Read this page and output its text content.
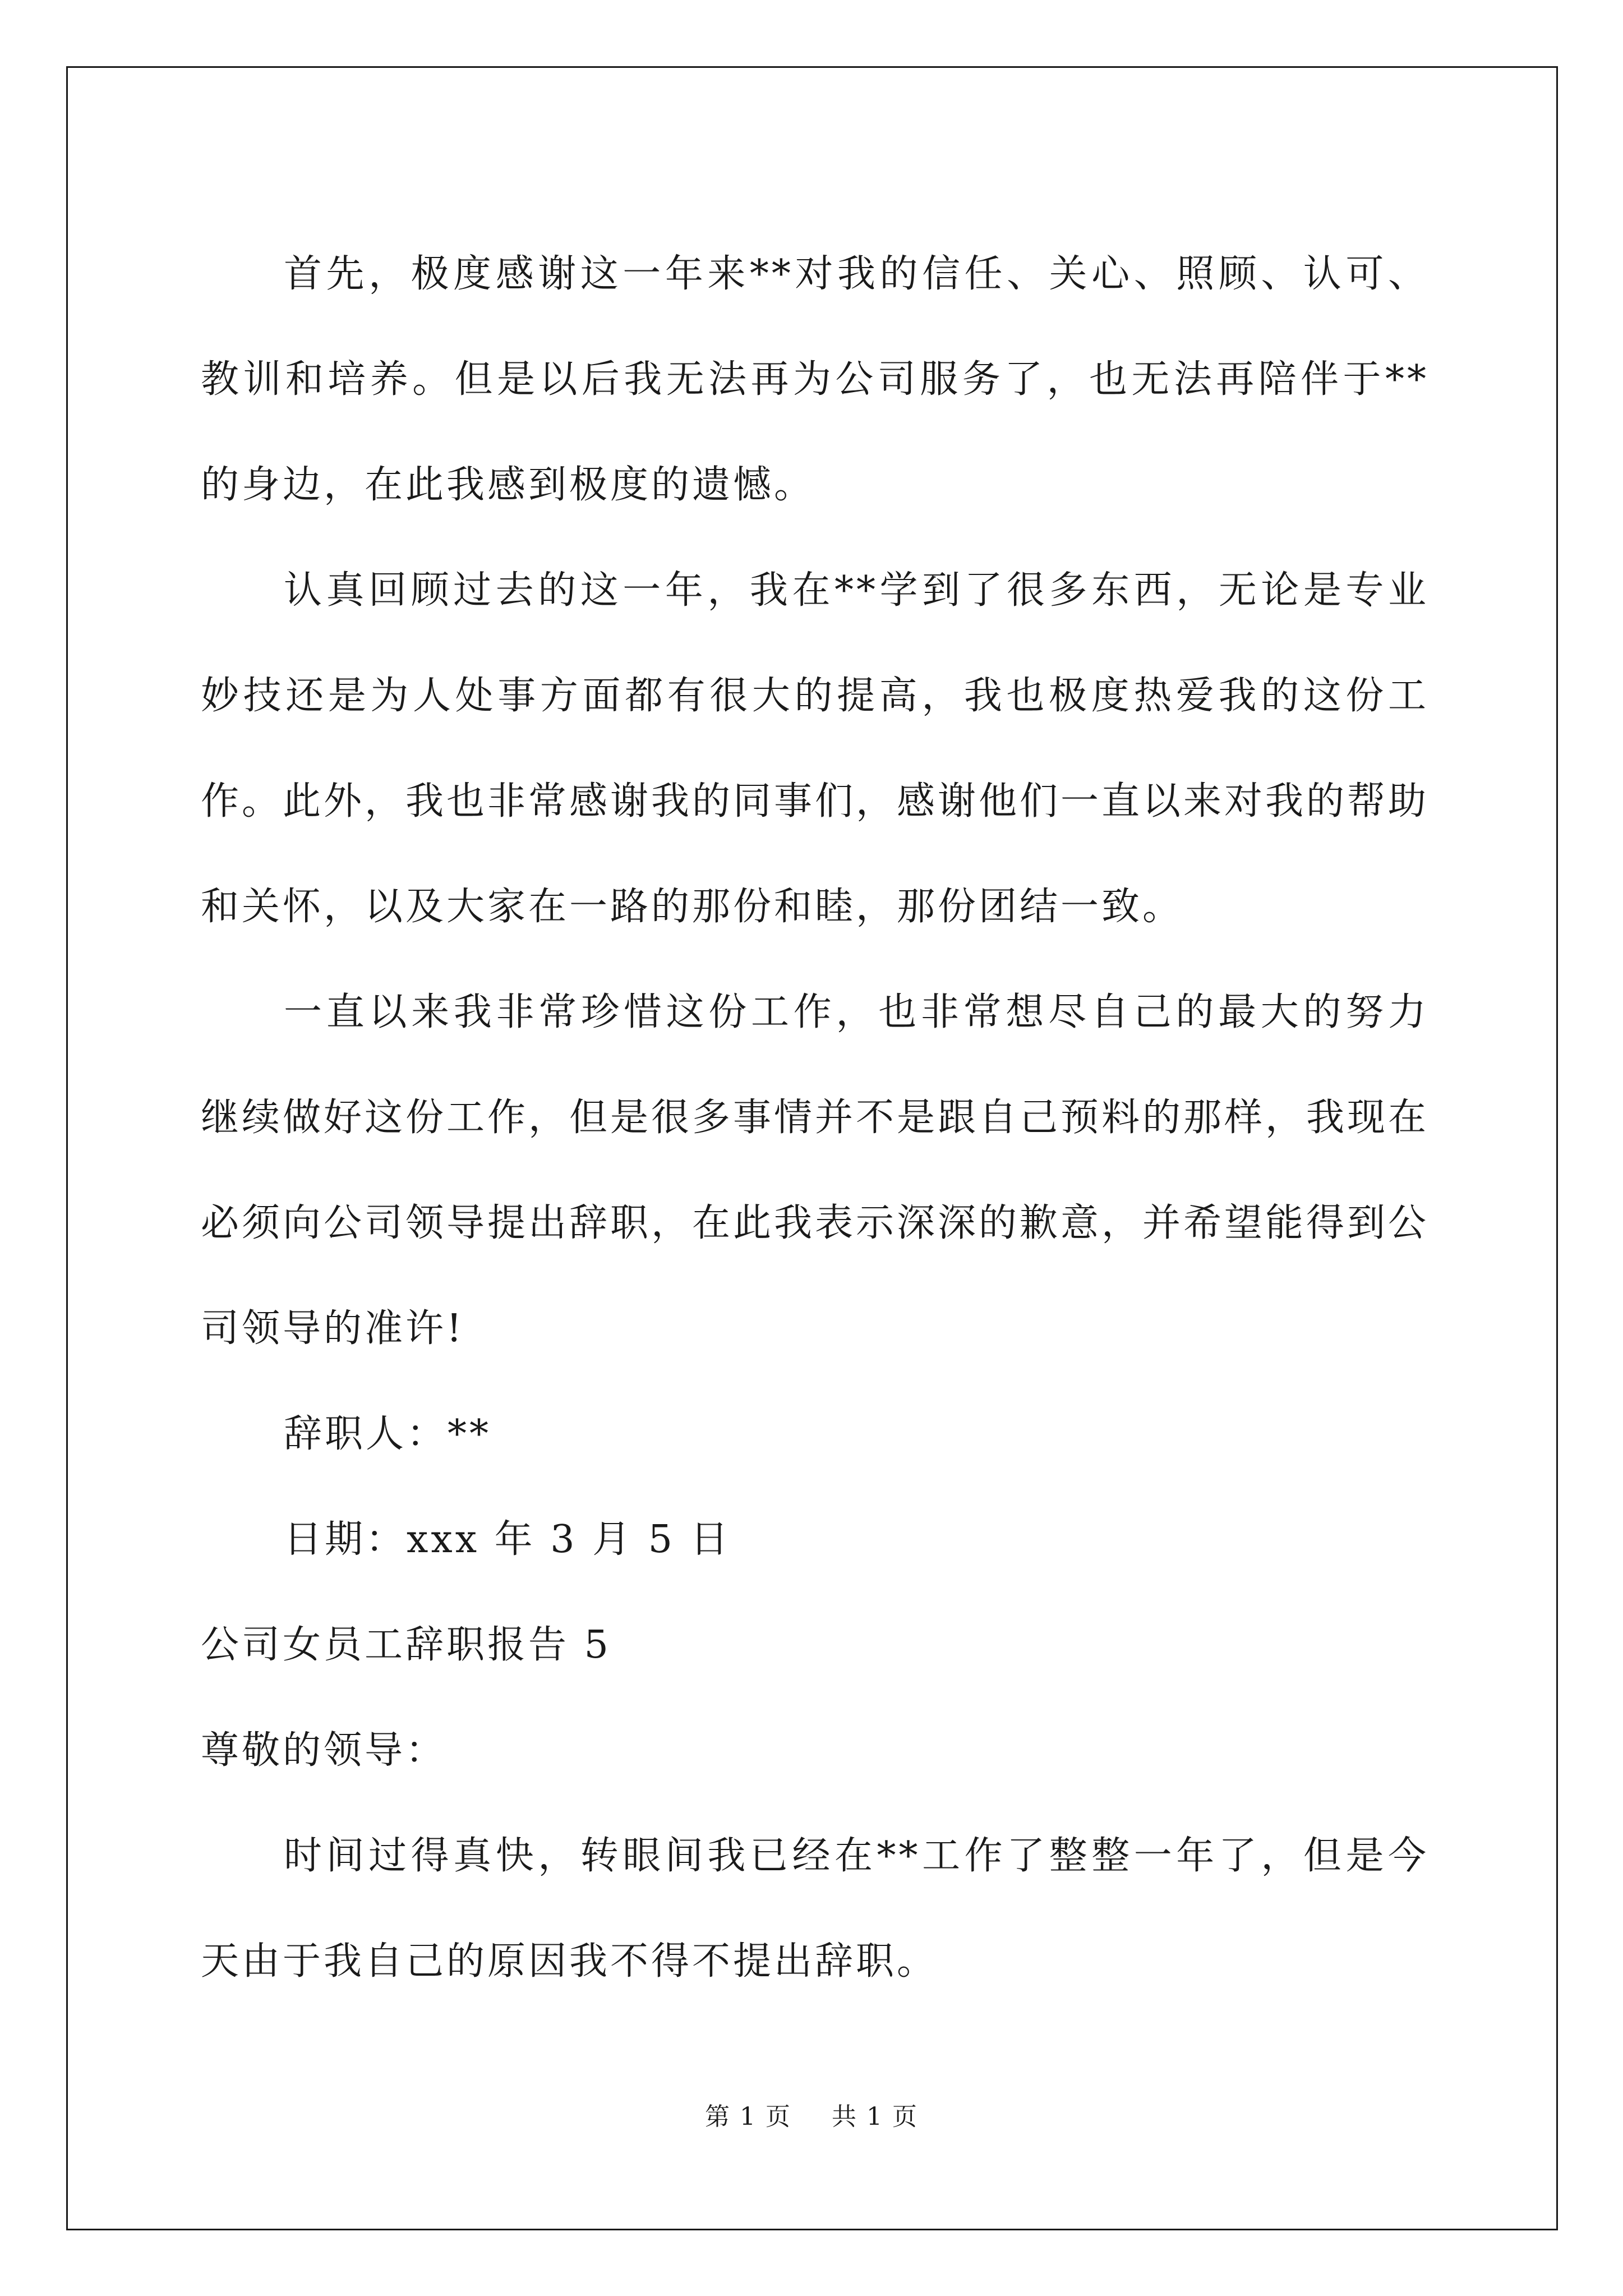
首先，极度感谢这一年来**对我的信任、关心、照顾、认可、教训和培养。但是以后我无法再为公司服务了，也无法再陪伴于**的身边，在此我感到极度的遗憾。

认真回顾过去的这一年，我在**学到了很多东西，无论是专业妙技还是为人处事方面都有很大的提高，我也极度热爱我的这份工作。此外，我也非常感谢我的同事们，感谢他们一直以来对我的帮助和关怀，以及大家在一路的那份和睦，那份团结一致。

一直以来我非常珍惜这份工作，也非常想尽自己的最大的努力继续做好这份工作，但是很多事情并不是跟自己预料的那样，我现在必须向公司领导提出辞职，在此我表示深深的歉意，并希望能得到公司领导的准许!

辞职人：**

日期：xxx 年 3 月 5 日

公司女员工辞职报告 5

尊敬的领导：

时间过得真快，转眼间我已经在**工作了整整一年了，但是今天由于我自己的原因我不得不提出辞职。

第 1 页 共 1 页
